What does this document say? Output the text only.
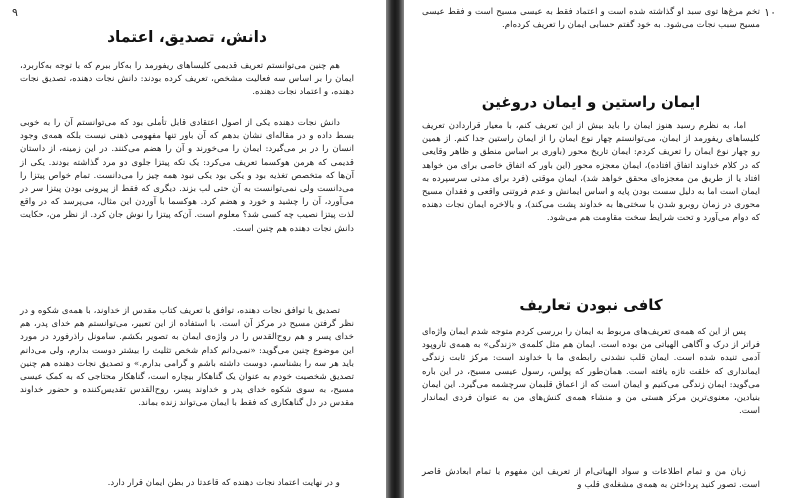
۹
دانش، تصدیق، اعتماد

هم چنین می‌توانستم تعریف قدیمی کلیساهای ریفورمد را به‌کار ببرم که با توجه به‌کاربرد، ایمان را بر اساس سه فعالیت مشخص، تعریف کرده بودند: دانش نجات دهنده، تصدیق نجات دهنده، و اعتماد نجات دهنده.

دانش نجات دهنده یکی از اصول اعتقادی قابل تأملی بود که می‌توانستم آن را به خوبی بسط داده و در مقاله‌ای نشان بدهم که آن باور تنها مفهومی ذهنی نیست بلکه همه‌ی وجود انسان را در بر می‌گیرد: ایمان را می‌خورند و آن را هضم می‌کنند. در این زمینه، از داستان قدیمی که هرمن هوکسما تعریف می‌کرد: یک تکه پیتزا جلوی دو مرد گذاشته بودند. یکی از آن‌ها که متخصص تغذیه بود و یکی بود یکی نبود همه چیز را می‌دانست. تمام خواص پیتزا را می‌دانست ولی نمی‌توانست به آن حتی لب بزند. دیگری که فقط از پیرونی بودن پیتزا سر در می‌آورد، آن را چشید و خورد و هضم کرد. هوکسما با آوردن این مثال، می‌پرسد که در واقع لذت پیتزا نصیب چه کسی شد؟ معلوم است. آن‌که پیتزا را نوش جان کرد. از نظر من، حکایت دانش نجات دهنده هم چنین است.

تصدیق یا توافق نجات دهنده، توافق با تعریف کتاب مقدس از خداوند، با همه‌ی شکوه و در نظر گرفتن مسیح در مرکز آن است. با استفاده از این تعبیر، می‌توانستم هم خدای پدر، هم خدای پسر و هم روح‌القدس را در واژه‌ی ایمان به تصویر بکشم. سامونل راذرفورد در مورد این موضوع چنین می‌گوید: «نمی‌دانم کدام شخص تثلیث را بیشتر دوست بدارم، ولی می‌دانم باید هر سه را بشناسم، دوست داشته باشم و گرامی بدارم.» و تصدیق نجات دهنده هم چنین تصدیق شخصیت خودم به عنوان یک گناهکار بیچاره است، گناهکار محتاجی که به کمک عیسی مسیح، به سوی شکوه خدای پدر و خداوند پسر، روح‌القدس تقدیس‌کننده و حضور خداوند مقدس در دل گناهکاری که فقط با ایمان می‌تواند زنده بماند.

و در نهایت اعتماد نجات دهنده که قاعدتا در بطن ایمان قرار دارد.

۱۰

تخم مرغ‌ها توی سبد او گذاشته شده است و اعتماد فقط به عیسی مسیح است و فقط عیسی مسیح سبب نجات می‌شود. به خود گفتم حسابی ایمان را تعریف کرده‌ام.

ایمان راستین و ایمان دروغین

اما، به نظرم رسید هنوز ایمان را باید بیش از این تعریف کنم، با معیار قراردادن تعریف کلیساهای ریفورمد از ایمان، می‌توانستم چهار نوع ایمان را از ایمان راستین جدا کنم. از همین رو چهار نوع ایمان را تعریف کردم: ایمان تاریخ محور (باوری بر اساس منطق و ظاهر وقایعی که در کلام خداوند اتفاق افتاده)، ایمان معجزه محور (این باور که اتفاق خاصی برای من خواهد افتاد یا از طریق من معجزه‌ای محقق خواهد شد)، ایمان موقتی (فرد برای مدتی سرسپرده به ایمان است اما به دلیل سست بودن پایه و اساس ایمانش و عدم فروتنی واقعی و فقدان مسیح محوری در زمان روبرو شدن با سختی‌ها به خداوند پشت می‌کند)، و بالاخره ایمان نجات دهنده که دوام می‌آورد و تحت شرایط سخت مقاومت هم می‌شود.

کافی نبودن تعاریف

پس از این که همه‌ی تعریف‌های مربوط به ایمان را بررسی کردم متوجه شدم ایمان واژه‌ای فراتر از درک و آگاهی الهیاتی من بوده است. ایمان هم مثل کلمه‌ی «زندگی» به همه‌ی تاروپود آدمی تنیده شده است. ایمان قلب نشدنی رابطه‌ی ما با خداوند است: مرکز ثابت زندگی ایمانداری که خلقت تازه یافته است. همان‌طور که پولس، رسول عیسی مسیح، در این باره می‌گوید: ایمان زندگی می‌کنیم و ایمان است که از اعماق قلبمان سرچشمه می‌گیرد. این ایمان بنیادین، معنوی‌ترین مرکز هستی من و منشاء همه‌ی کنش‌های من به عنوان فردی ایماندار است.

زبان من و تمام اطلاعات و سواد الهیاتی‌ام از تعریف این مفهوم با تمام ابعادش قاصر است. تصور کنید پرداختن به همه‌ی مشغله‌ی قلب و
